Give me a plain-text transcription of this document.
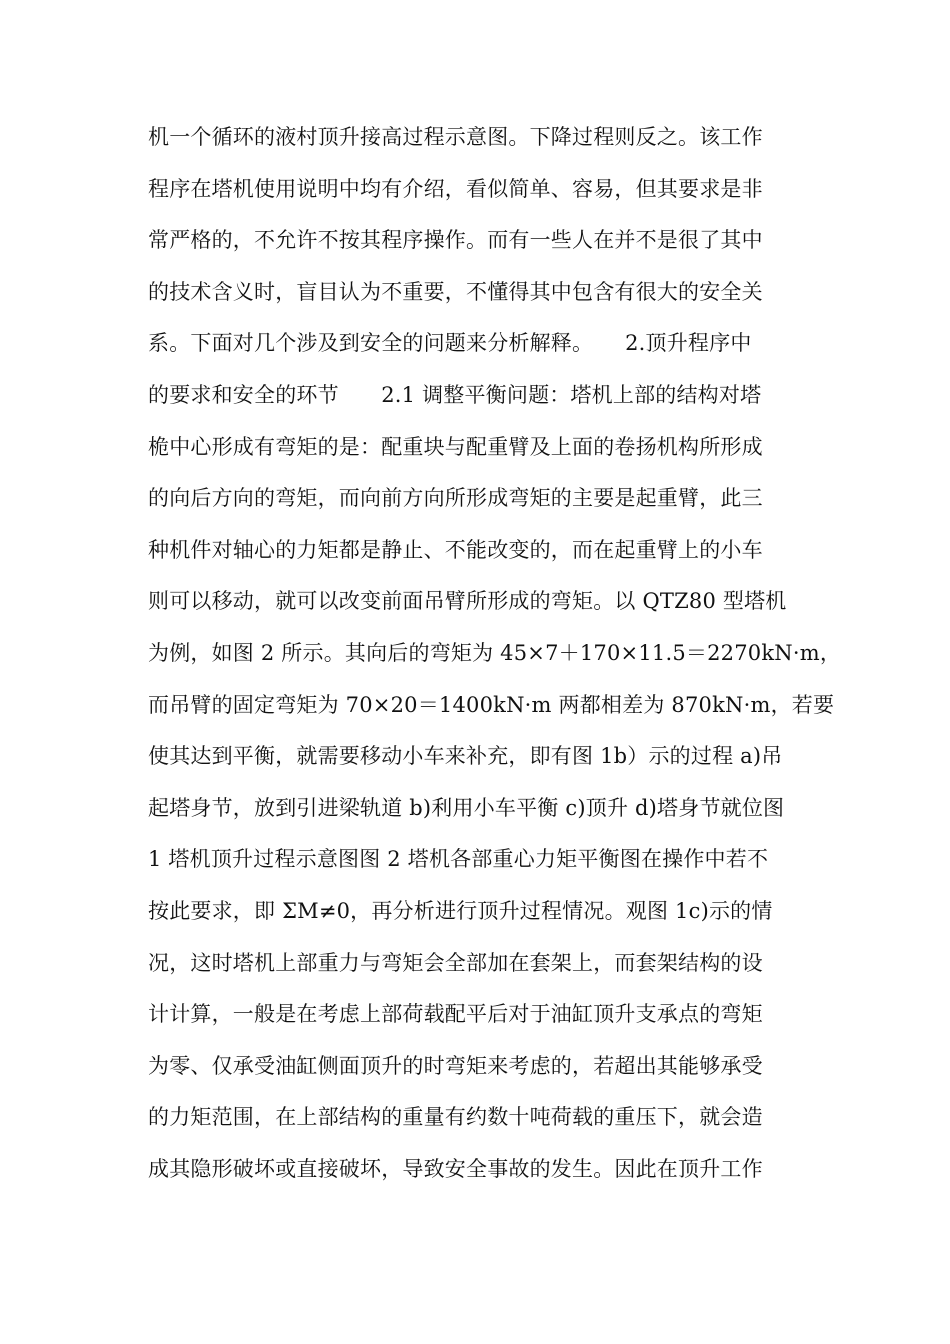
机一个循环的液村顶升接高过程示意图。下降过程则反之。该工作
程序在塔机使用说明中均有介绍，看似简单、容易，但其要求是非
常严格的，不允许不按其程序操作。而有一些人在并不是很了其中
的技术含义时，盲目认为不重要，不懂得其中包含有很大的安全关
系。下面对几个涉及到安全的问题来分析解释。　　2.顶升程序中
的要求和安全的环节　　2.1 调整平衡问题：塔机上部的结构对塔
桅中心形成有弯矩的是：配重块与配重臂及上面的卷扬机构所形成
的向后方向的弯矩，而向前方向所形成弯矩的主要是起重臂，此三
种机件对轴心的力矩都是静止、不能改变的，而在起重臂上的小车
则可以移动，就可以改变前面吊臂所形成的弯矩。以 QTZ80 型塔机
为例，如图 2 所示。其向后的弯矩为 45×7＋170×11.5＝2270kN·m，
而吊臂的固定弯矩为 70×20＝1400kN·m 两都相差为 870kN·m，若要
使其达到平衡，就需要移动小车来补充，即有图 1b）示的过程 a)吊
起塔身节，放到引进梁轨道 b)利用小车平衡 c)顶升 d)塔身节就位图
1 塔机顶升过程示意图图 2 塔机各部重心力矩平衡图在操作中若不
按此要求，即 ΣM≠0，再分析进行顶升过程情况。观图 1c)示的情
况，这时塔机上部重力与弯矩会全部加在套架上，而套架结构的设
计计算，一般是在考虑上部荷载配平后对于油缸顶升支承点的弯矩
为零、仅承受油缸侧面顶升的时弯矩来考虑的，若超出其能够承受
的力矩范围，在上部结构的重量有约数十吨荷载的重压下，就会造
成其隐形破坏或直接破坏，导致安全事故的发生。因此在顶升工作
